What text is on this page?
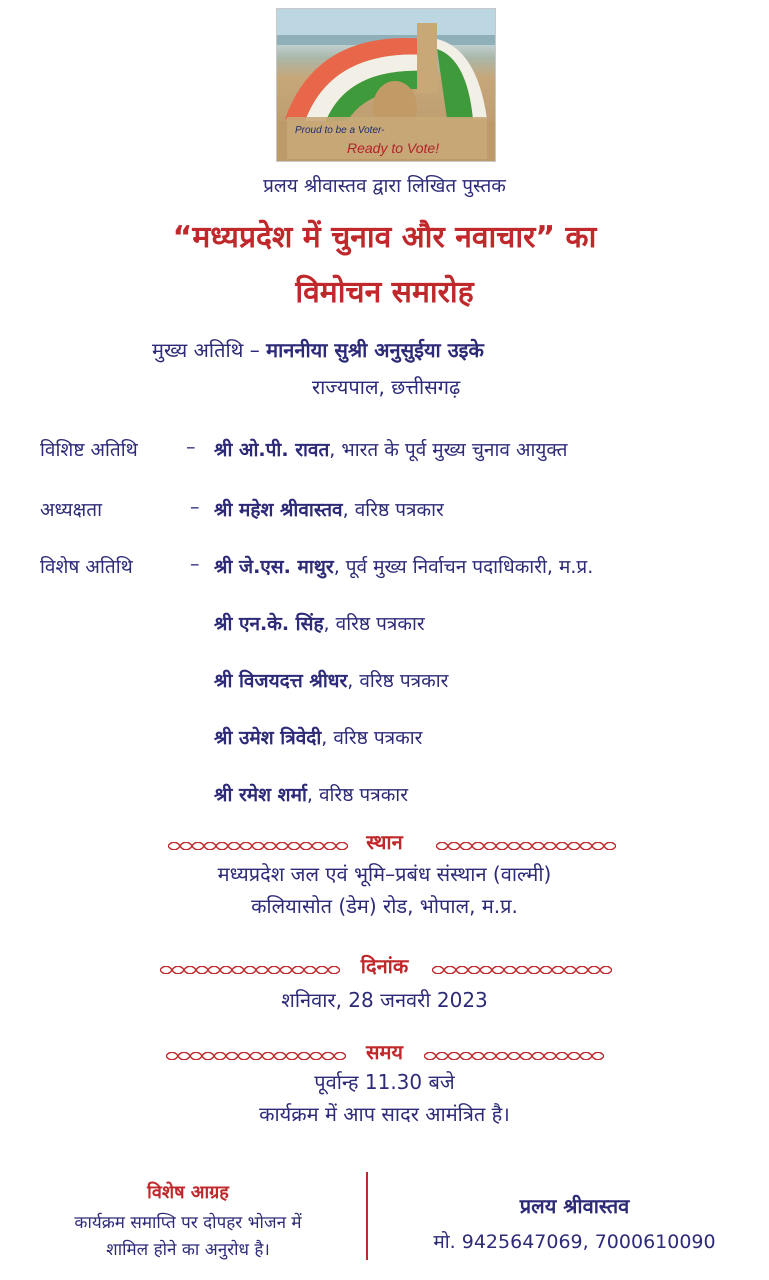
Proud to be a Voter-
Ready to Vote!
प्रलय श्रीवास्तव द्वारा लिखित पुस्तक
“मध्यप्रदेश में चुनाव और नवाचार” का
विमोचन समारोह
मुख्य अतिथि – माननीया सुश्री अनुसुईया उइके
राज्यपाल, छत्तीसगढ़
विशिष्ट अतिथि	– श्री ओ.पी. रावत, भारत के पूर्व मुख्य चुनाव आयुक्त
अध्यक्षता	– श्री महेश श्रीवास्तव, वरिष्ठ पत्रकार
विशेष अतिथि	– श्री जे.एस. माथुर, पूर्व मुख्य निर्वाचन पदाधिकारी, म.प्र.
श्री एन.के. सिंह, वरिष्ठ पत्रकार
श्री विजयदत्त श्रीधर, वरिष्ठ पत्रकार
श्री उमेश त्रिवेदी, वरिष्ठ पत्रकार
श्री रमेश शर्मा, वरिष्ठ पत्रकार
स्थान
मध्यप्रदेश जल एवं भूमि–प्रबंध संस्थान (वाल्मी)
कलियासोत (डेम) रोड, भोपाल, म.प्र.
दिनांक
शनिवार, 28 जनवरी 2023
समय
पूर्वान्ह 11.30 बजे
कार्यक्रम में आप सादर आमंत्रित है।
विशेष आग्रह
कार्यक्रम समाप्ति पर दोपहर भोजन में
शामिल होने का अनुरोध है।
प्रलय श्रीवास्तव
मो. 9425647069, 7000610090
